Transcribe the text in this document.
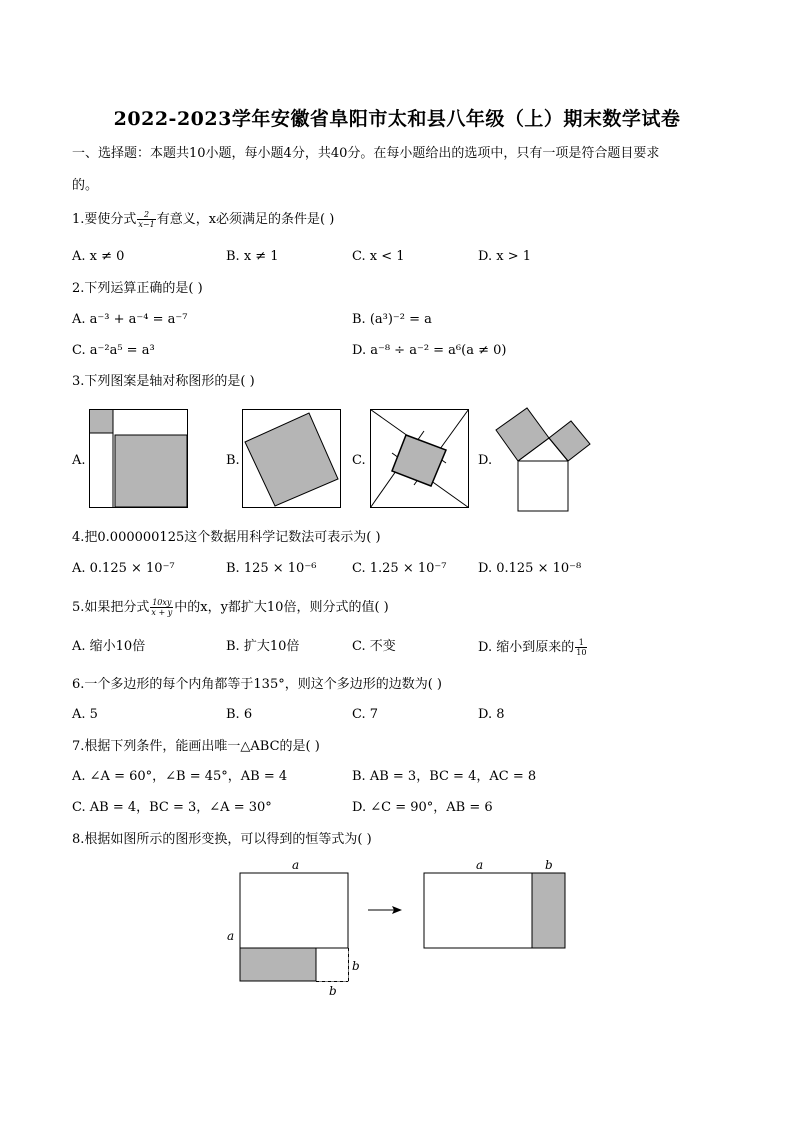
2022-2023学年安徽省阜阳市太和县八年级（上）期末数学试卷
一、选择题：本题共10小题，每小题4分，共40分。在每小题给出的选项中，只有一项是符合题目要求
的。
1.要使分式 $\frac{2}{x-1}$ 有意义，x必须满足的条件是( )
A. x ≠ 0	B. x ≠ 1	C. x < 1	D. x > 1
2.下列运算正确的是( )
A. a⁻³ + a⁻⁴ = a⁻⁷	B. (a³)⁻² = a
C. a⁻²a⁵ = a³	D. a⁻⁸ ÷ a⁻² = a⁶(a ≠ 0)
3.下列图案是轴对称图形的是( )
A.	B.	C.	D.
4.把0.000000125这个数据用科学记数法可表示为( )
A. 0.125 × 10⁻⁷	B. 125 × 10⁻⁶	C. 1.25 × 10⁻⁷ D. 0.125 × 10⁻⁸
5.如果把分式 $\frac{10xy}{x + y}$ 中的x，y都扩大10倍，则分式的值( )
A. 缩小10倍	B. 扩大10倍	C. 不变	D. 缩小到原来的 $\frac{1}{10}$
6.一个多边形的每个内角都等于135°，则这个多边形的边数为( )
A. 5	B. 6	C. 7	D. 8
7.根据下列条件，能画出唯一△ABC的是( )
A. ∠A = 60°，∠B = 45°，AB = 4	B. AB = 3，BC = 4，AC = 8
C. AB = 4，BC = 3，∠A = 30°	D. ∠C = 90°，AB = 6
8.根据如图所示的图形变换，可以得到的恒等式为( )
a
a
b
b
a	b
